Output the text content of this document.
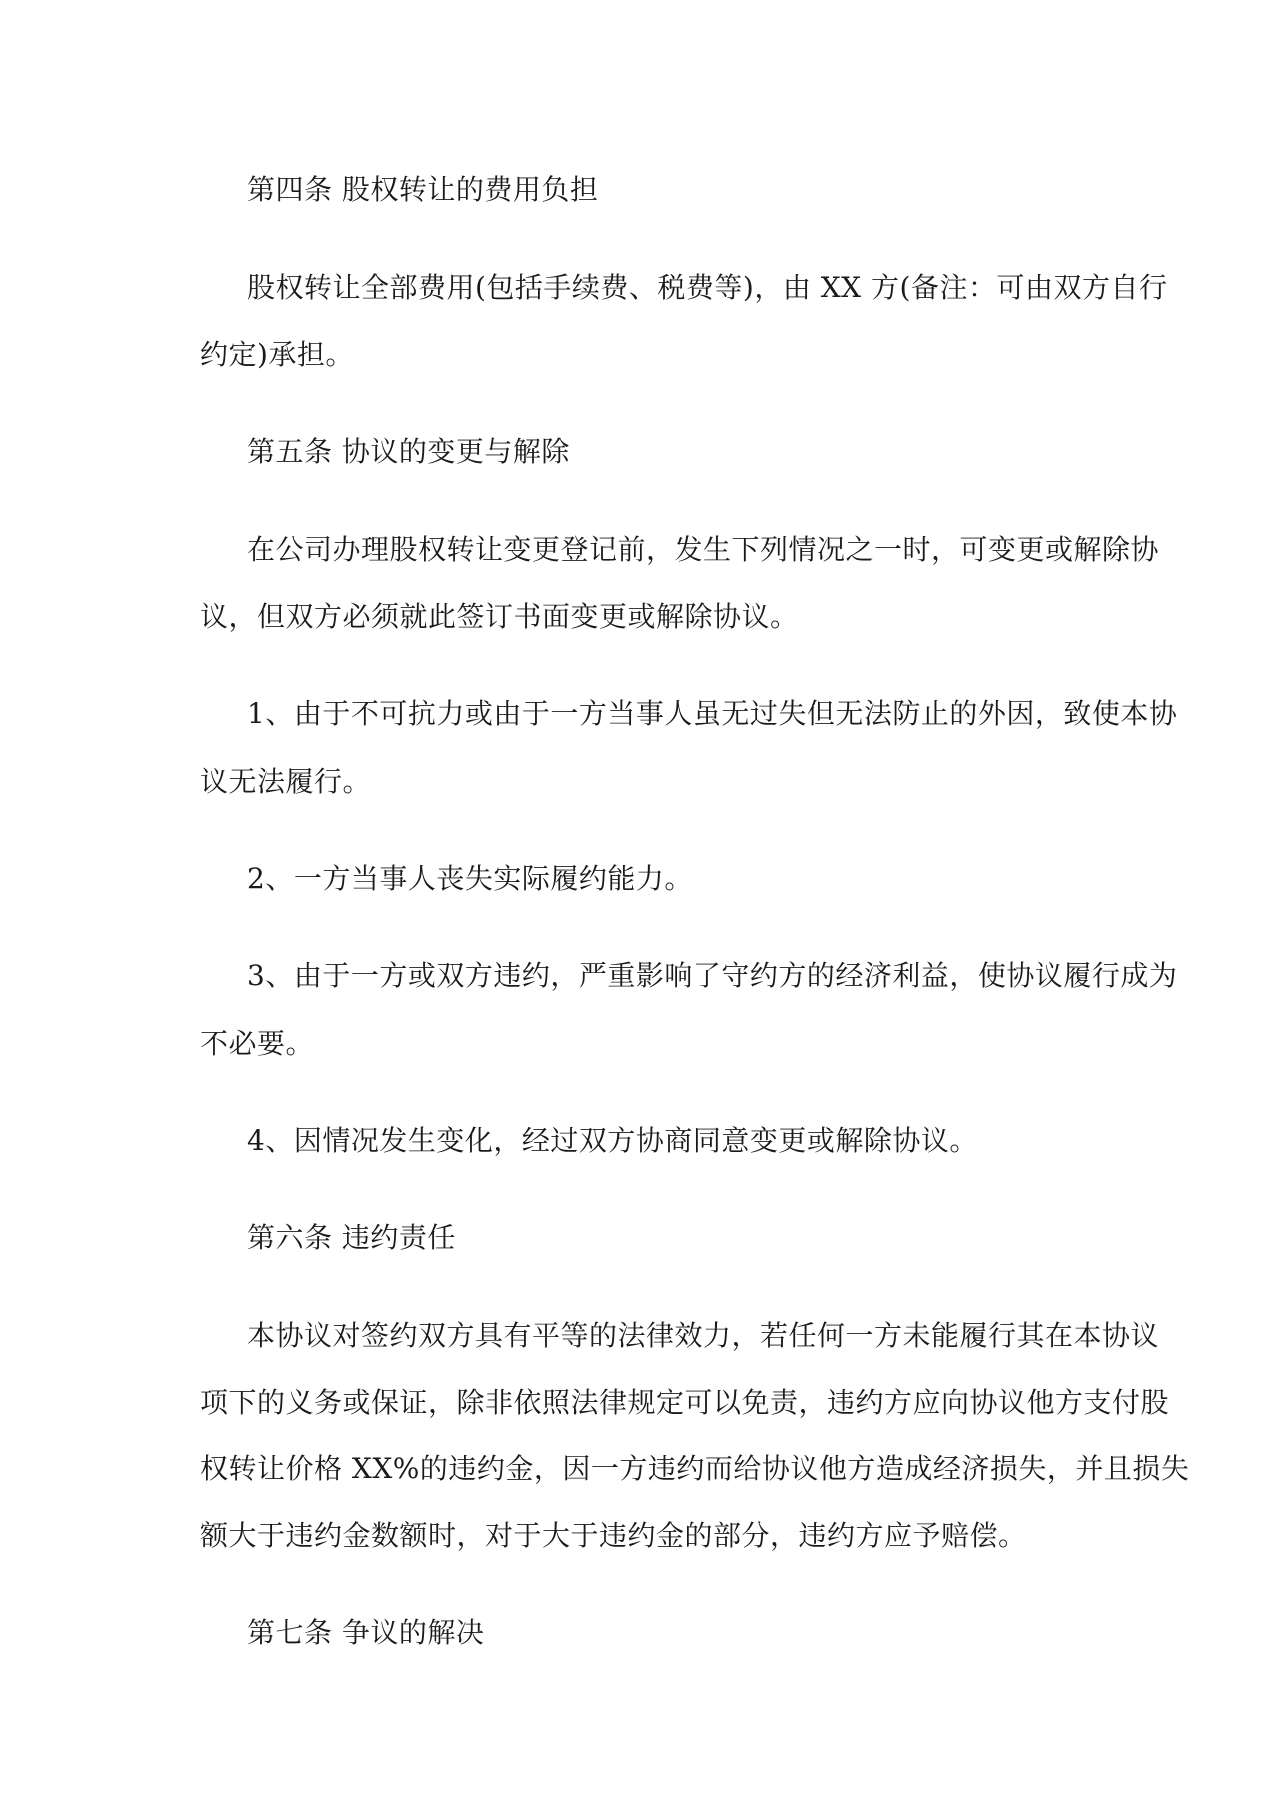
第四条 股权转让的费用负担
股权转让全部费用(包括手续费、税费等)，由 XX 方(备注：可由双方自行
约定)承担。
第五条 协议的变更与解除
在公司办理股权转让变更登记前，发生下列情况之一时，可变更或解除协
议，但双方必须就此签订书面变更或解除协议。
1、由于不可抗力或由于一方当事人虽无过失但无法防止的外因，致使本协
议无法履行。
2、一方当事人丧失实际履约能力。
3、由于一方或双方违约，严重影响了守约方的经济利益，使协议履行成为
不必要。
4、因情况发生变化，经过双方协商同意变更或解除协议。
第六条 违约责任
本协议对签约双方具有平等的法律效力，若任何一方未能履行其在本协议
项下的义务或保证，除非依照法律规定可以免责，违约方应向协议他方支付股
权转让价格 XX%的违约金，因一方违约而给协议他方造成经济损失，并且损失
额大于违约金数额时，对于大于违约金的部分，违约方应予赔偿。
第七条 争议的解决
